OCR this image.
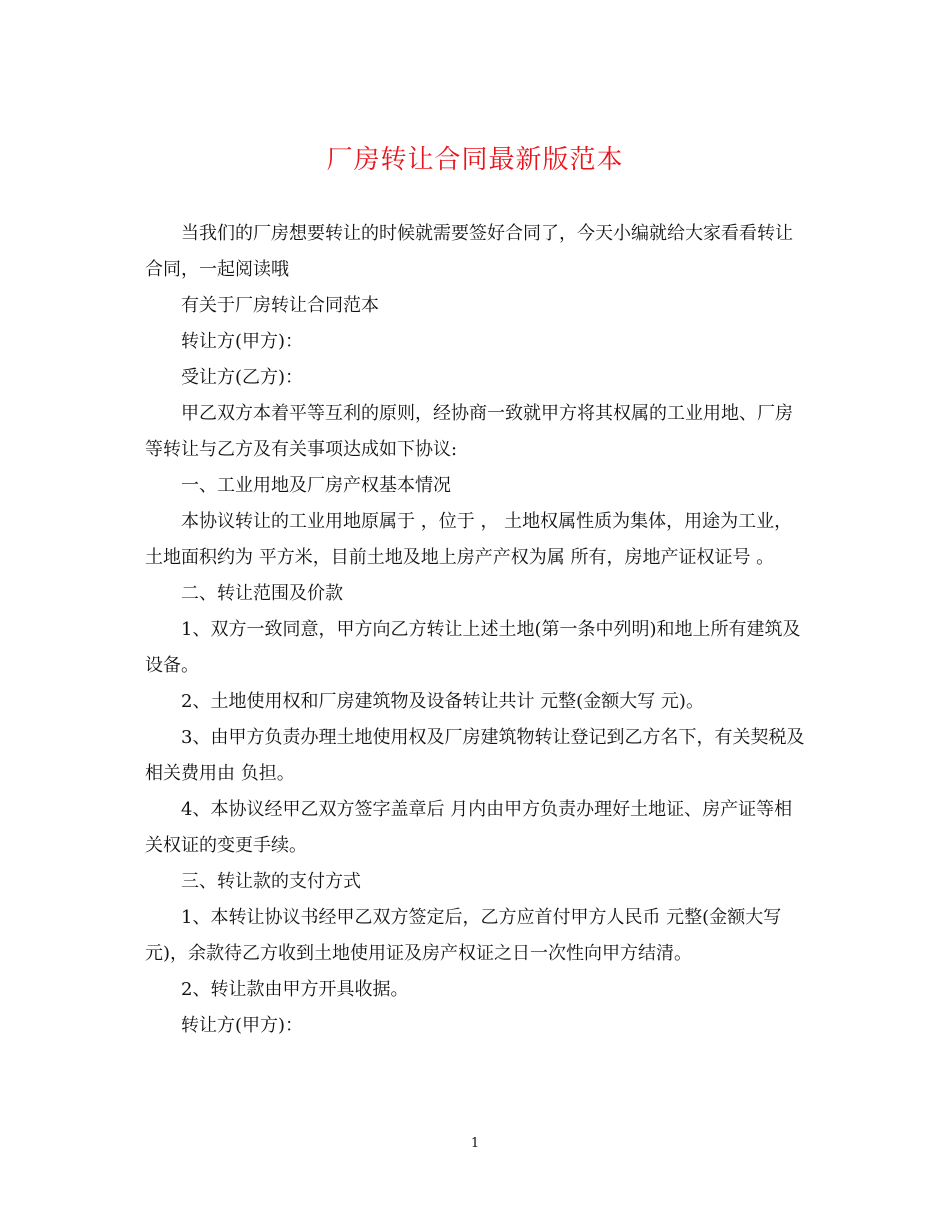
厂房转让合同最新版范本

当我们的厂房想要转让的时候就需要签好合同了，今天小编就给大家看看转让合同，一起阅读哦

有关于厂房转让合同范本

转让方(甲方)：

受让方(乙方)：

甲乙双方本着平等互利的原则，经协商一致就甲方将其权属的工业用地、厂房等转让与乙方及有关事项达成如下协议:

一、工业用地及厂房产权基本情况

本协议转让的工业用地原属于 ，位于 ， 土地权属性质为集体，用途为工业，土地面积约为 平方米，目前土地及地上房产产权为属 所有，房地产证权证号 。

二、转让范围及价款

1、双方一致同意，甲方向乙方转让上述土地(第一条中列明)和地上所有建筑及设备。

2、土地使用权和厂房建筑物及设备转让共计 元整(金额大写 元)。

3、由甲方负责办理土地使用权及厂房建筑物转让登记到乙方名下，有关契税及相关费用由 负担。

4、本协议经甲乙双方签字盖章后 月内由甲方负责办理好土地证、房产证等相关权证的变更手续。

三、转让款的支付方式

1、本转让协议书经甲乙双方签定后，乙方应首付甲方人民币 元整(金额大写元)，余款待乙方收到土地使用证及房产权证之日一次性向甲方结清。

2、转让款由甲方开具收据。

转让方(甲方)：

1
